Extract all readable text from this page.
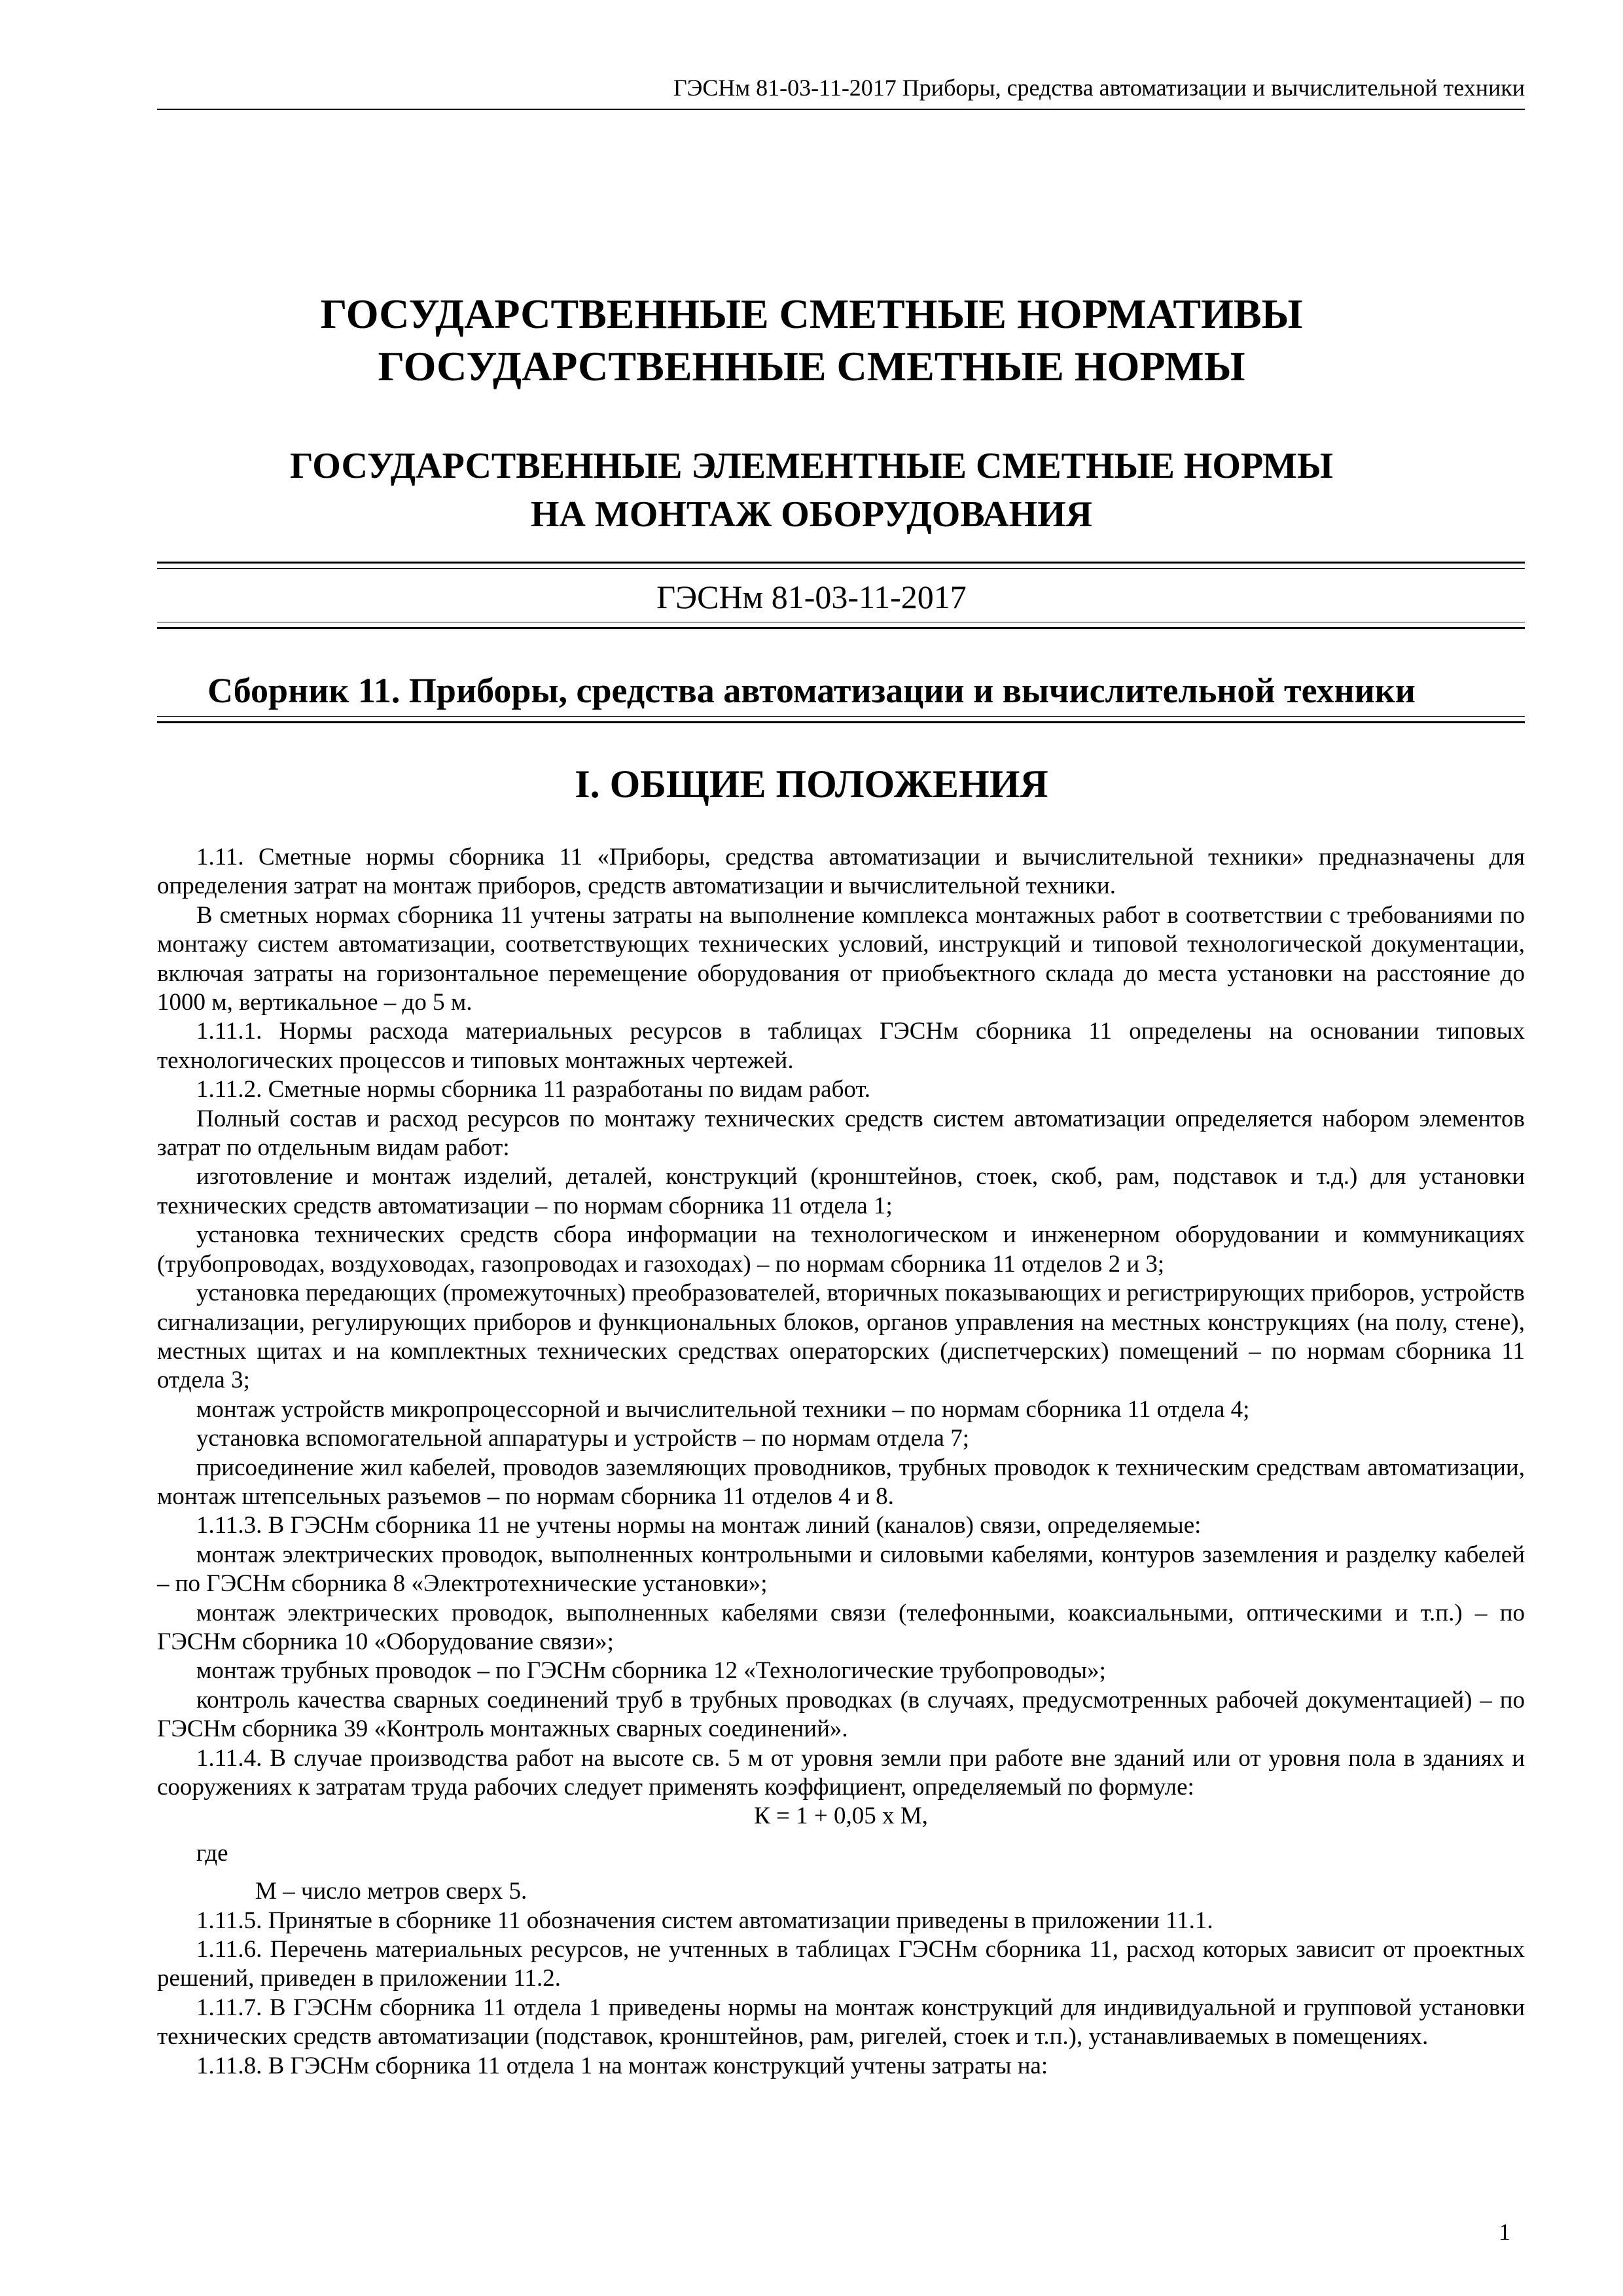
ГЭСНм 81-03-11-2017 Приборы, средства автоматизации и вычислительной техники
ГОСУДАРСТВЕННЫЕ СМЕТНЫЕ НОРМАТИВЫ
ГОСУДАРСТВЕННЫЕ СМЕТНЫЕ НОРМЫ
ГОСУДАРСТВЕННЫЕ ЭЛЕМЕНТНЫЕ СМЕТНЫЕ НОРМЫ
НА МОНТАЖ ОБОРУДОВАНИЯ
ГЭСНм 81-03-11-2017
Сборник 11. Приборы, средства автоматизации и вычислительной техники
I. ОБЩИЕ ПОЛОЖЕНИЯ

1.11. Сметные нормы сборника 11 «Приборы, средства автоматизации и вычислительной техники» предназначены для определения затрат на монтаж приборов, средств автоматизации и вычислительной техники.

В сметных нормах сборника 11 учтены затраты на выполнение комплекса монтажных работ в соответствии с требованиями по монтажу систем автоматизации, соответствующих технических условий, инструкций и типовой технологической документации, включая затраты на горизонтальное перемещение оборудования от приобъектного склада до места установки на расстояние до 1000 м, вертикальное – до 5 м.

1.11.1. Нормы расхода материальных ресурсов в таблицах ГЭСНм сборника 11 определены на основании типовых технологических процессов и типовых монтажных чертежей.

1.11.2. Сметные нормы сборника 11 разработаны по видам работ.

Полный состав и расход ресурсов по монтажу технических средств систем автоматизации определяется набором элементов затрат по отдельным видам работ:

изготовление и монтаж изделий, деталей, конструкций (кронштейнов, стоек, скоб, рам, подставок и т.д.) для установки технических средств автоматизации – по нормам сборника 11 отдела 1;

установка технических средств сбора информации на технологическом и инженерном оборудовании и коммуникациях (трубопроводах, воздуховодах, газопроводах и газоходах) – по нормам сборника 11 отделов 2 и 3;

установка передающих (промежуточных) преобразователей, вторичных показывающих и регистрирующих приборов, устройств сигнализации, регулирующих приборов и функциональных блоков, органов управления на местных конструкциях (на полу, стене), местных щитах и на комплектных технических средствах операторских (диспетчерских) помещений – по нормам сборника 11 отдела 3;

монтаж устройств микропроцессорной и вычислительной техники – по нормам сборника 11 отдела 4;

установка вспомогательной аппаратуры и устройств – по нормам отдела 7;

присоединение жил кабелей, проводов заземляющих проводников, трубных проводок к техническим средствам автоматизации, монтаж штепсельных разъемов – по нормам сборника 11 отделов 4 и 8.

1.11.3. В ГЭСНм сборника 11 не учтены нормы на монтаж линий (каналов) связи, определяемые:

монтаж электрических проводок, выполненных контрольными и силовыми кабелями, контуров заземления и разделку кабелей – по ГЭСНм сборника 8 «Электротехнические установки»;

монтаж электрических проводок, выполненных кабелями связи (телефонными, коаксиальными, оптическими и т.п.) – по ГЭСНм сборника 10 «Оборудование связи»;

монтаж трубных проводок – по ГЭСНм сборника 12 «Технологические трубопроводы»;

контроль качества сварных соединений труб в трубных проводках (в случаях, предусмотренных рабочей документацией) – по ГЭСНм сборника 39 «Контроль монтажных сварных соединений».

1.11.4. В случае производства работ на высоте св. 5 м от уровня земли при работе вне зданий или от уровня пола в зданиях и сооружениях к затратам труда рабочих следует применять коэффициент, определяемый по формуле:

К = 1 + 0,05 х М,

где

М – число метров сверх 5.

1.11.5. Принятые в сборнике 11 обозначения систем автоматизации приведены в приложении 11.1.

1.11.6. Перечень материальных ресурсов, не учтенных в таблицах ГЭСНм сборника 11, расход которых зависит от проектных решений, приведен в приложении 11.2.

1.11.7. В ГЭСНм сборника 11 отдела 1 приведены нормы на монтаж конструкций для индивидуальной и групповой установки технических средств автоматизации (подставок, кронштейнов, рам, ригелей, стоек и т.п.), устанавливаемых в помещениях.

1.11.8. В ГЭСНм сборника 11 отдела 1 на монтаж конструкций учтены затраты на:

1
